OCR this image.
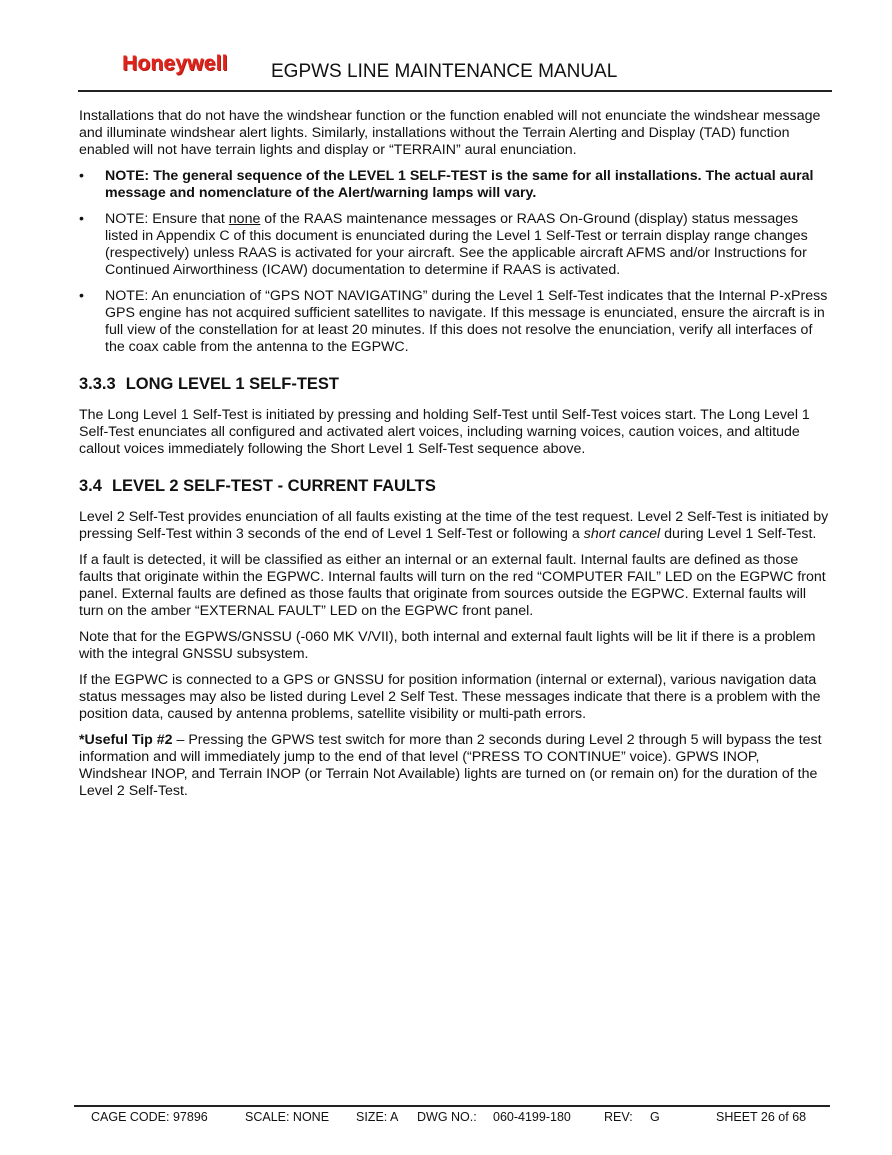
Honeywell EGPWS LINE MAINTENANCE MANUAL

Installations that do not have the windshear function or the function enabled will not enunciate the windshear message and illuminate windshear alert lights. Similarly, installations without the Terrain Alerting and Display (TAD) function enabled will not have terrain lights and display or “TERRAIN” aural enunciation.

• NOTE: The general sequence of the LEVEL 1 SELF-TEST is the same for all installations. The actual aural message and nomenclature of the Alert/warning lamps will vary.
• NOTE: Ensure that none of the RAAS maintenance messages or RAAS On-Ground (display) status messages listed in Appendix C of this document is enunciated during the Level 1 Self-Test or terrain display range changes (respectively) unless RAAS is activated for your aircraft. See the applicable aircraft AFMS and/or Instructions for Continued Airworthiness (ICAW) documentation to determine if RAAS is activated.
• NOTE: An enunciation of “GPS NOT NAVIGATING” during the Level 1 Self-Test indicates that the Internal P-xPress GPS engine has not acquired sufficient satellites to navigate. If this message is enunciated, ensure the aircraft is in full view of the constellation for at least 20 minutes. If this does not resolve the enunciation, verify all interfaces of the coax cable from the antenna to the EGPWC.
3.3.3 LONG LEVEL 1 SELF-TEST

The Long Level 1 Self-Test is initiated by pressing and holding Self-Test until Self-Test voices start. The Long Level 1 Self-Test enunciates all configured and activated alert voices, including warning voices, caution voices, and altitude callout voices immediately following the Short Level 1 Self-Test sequence above.

3.4 LEVEL 2 SELF-TEST - CURRENT FAULTS

Level 2 Self-Test provides enunciation of all faults existing at the time of the test request. Level 2 Self-Test is initiated by pressing Self-Test within 3 seconds of the end of Level 1 Self-Test or following a short cancel during Level 1 Self-Test.

If a fault is detected, it will be classified as either an internal or an external fault. Internal faults are defined as those faults that originate within the EGPWC. Internal faults will turn on the red “COMPUTER FAIL” LED on the EGPWC front panel. External faults are defined as those faults that originate from sources outside the EGPWC. External faults will turn on the amber “EXTERNAL FAULT” LED on the EGPWC front panel.

Note that for the EGPWS/GNSSU (-060 MK V/VII), both internal and external fault lights will be lit if there is a problem with the integral GNSSU subsystem.

If the EGPWC is connected to a GPS or GNSSU for position information (internal or external), various navigation data status messages may also be listed during Level 2 Self Test. These messages indicate that there is a problem with the position data, caused by antenna problems, satellite visibility or multi-path errors.

*Useful Tip #2 – Pressing the GPWS test switch for more than 2 seconds during Level 2 through 5 will bypass the test information and will immediately jump to the end of that level (“PRESS TO CONTINUE” voice). GPWS INOP, Windshear INOP, and Terrain INOP (or Terrain Not Available) lights are turned on (or remain on) for the duration of the Level 2 Self-Test.

CAGE CODE: 97896	SCALE: NONE SIZE: A DWG NO.: 060-4199-180	REV: G	SHEET 26 of 68
